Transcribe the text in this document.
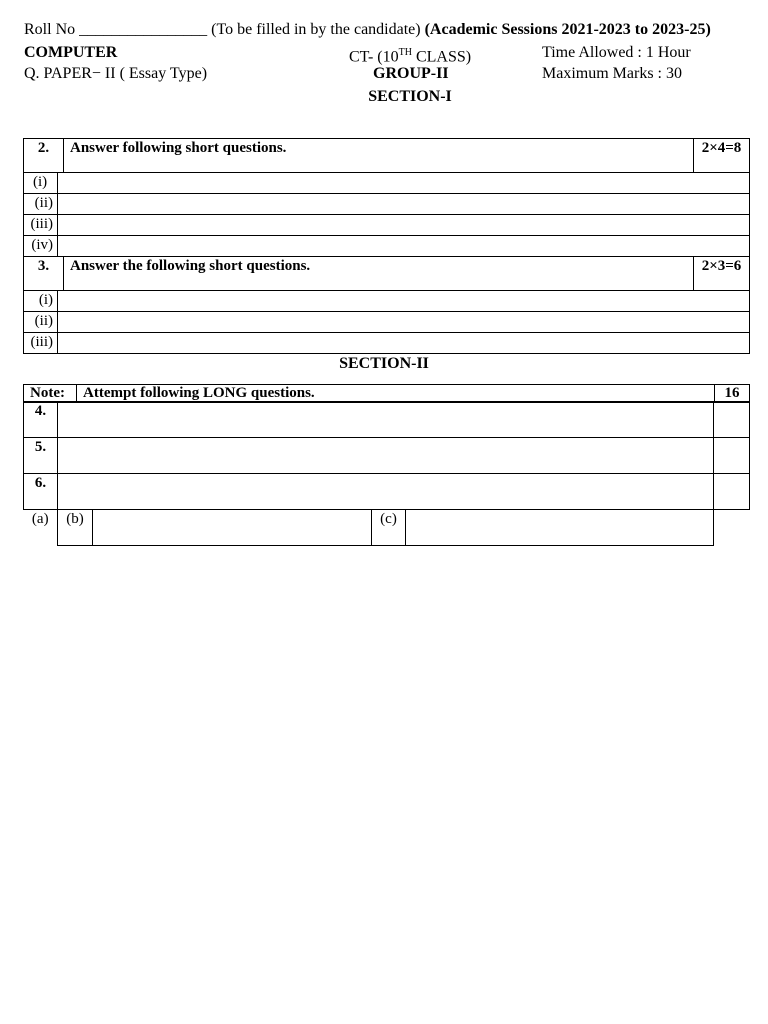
Roll No ________________ (To be filled in by the candidate) (Academic Sessions 2021-2023 to 2023-25)
COMPUTER	CT- (10TH CLASS)	Time Allowed : 1 Hour
Q. PAPER− II ( Essay Type)	GROUP-II	Maximum Marks : 30
SECTION-I
2.		Answer following short questions.	2×4=8
(i)			
(ii)			
(iii)			
(iv)			
3.		Answer the following short questions.	2×3=6
(i)			
(ii)			
(iii)			
SECTION-II
Note:	Attempt following LONG questions.	16
4.					
5.					
6.					
(a)	(b)		(c)		
